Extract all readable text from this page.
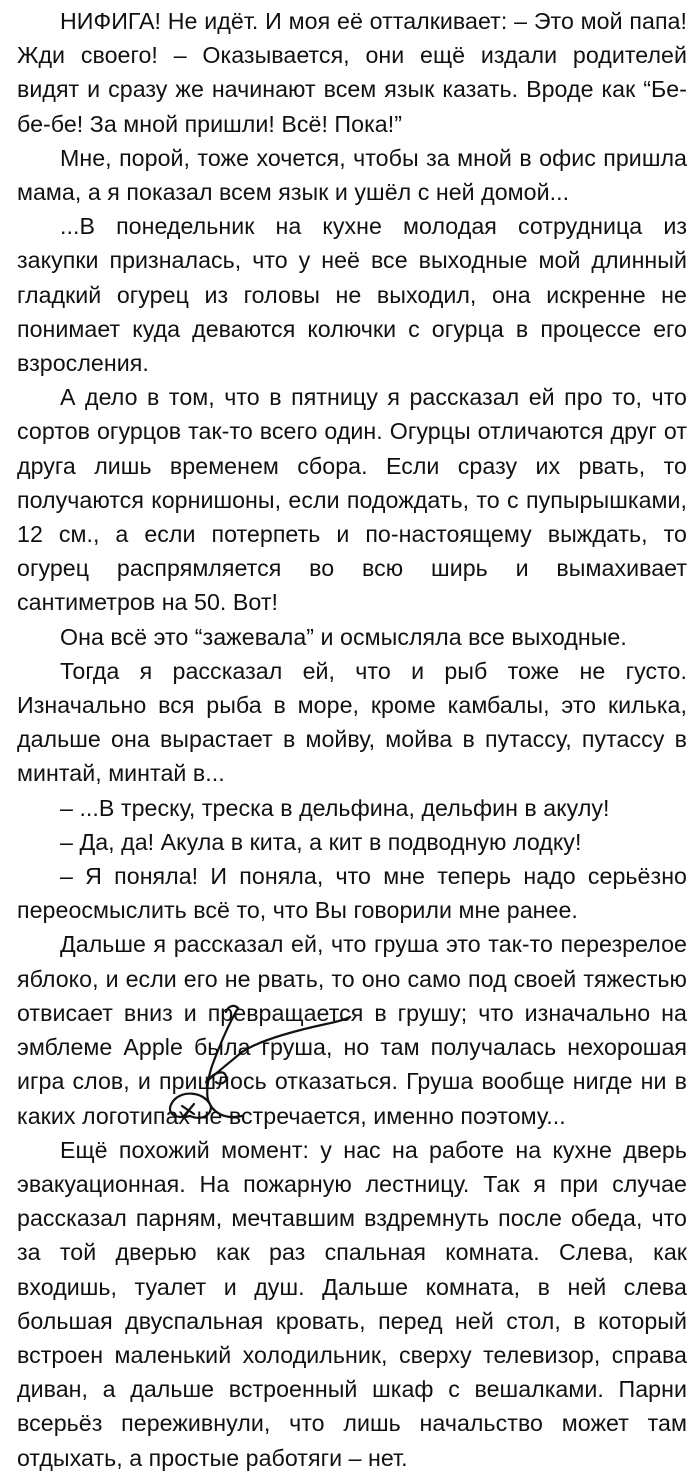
НИФИГА! Не идёт. И моя её отталкивает: – Это мой папа! Жди своего! – Оказывается, они ещё издали родителей видят и сразу же начинают всем язык казать. Вроде как “Бе-бе-бе! За мной пришли! Всё! Пока!”

Мне, порой, тоже хочется, чтобы за мной в офис пришла мама, а я показал всем язык и ушёл с ней домой...

...В понедельник на кухне молодая сотрудница из закупки призналась, что у неё все выходные мой длинный гладкий огурец из головы не выходил, она искренне не понимает куда деваются колючки с огурца в процессе его взросления.

А дело в том, что в пятницу я рассказал ей про то, что сортов огурцов так-то всего один. Огурцы отличаются друг от друга лишь временем сбора. Если сразу их рвать, то получаются корнишоны, если подождать, то с пупырышками, 12 см., а если потерпеть и по-настоящему выждать, то огурец распрямляется во всю ширь и вымахивает сантиметров на 50. Вот!

Она всё это “зажевала” и осмысляла все выходные.

Тогда я рассказал ей, что и рыб тоже не густо. Изначально вся рыба в море, кроме камбалы, это килька, дальше она вырастает в мойву, мойва в путассу, путассу в минтай, минтай в...

– ...В треску, треска в дельфина, дельфин в акулу!

– Да, да! Акула в кита, а кит в подводную лодку!

– Я поняла! И поняла, что мне теперь надо серьёзно переосмыслить всё то, что Вы говорили мне ранее.

Дальше я рассказал ей, что груша это так-то перезрелое яблоко, и если его не рвать, то оно само под своей тяжестью отвисает вниз и превращается в грушу; что изначально на эмблеме Apple была груша, но там получалась нехорошая игра слов, и пришлось отказаться. Груша вообще нигде ни в каких логотипах не встречается, именно поэтому...

Ещё похожий момент: у нас на работе на кухне дверь эвакуационная. На пожарную лестницу. Так я при случае рассказал парням, мечтавшим вздремнуть после обеда, что за той дверью как раз спальная комната. Слева, как входишь, туалет и душ. Дальше комната, в ней слева большая двуспальная кровать, перед ней стол, в который встроен маленький холодильник, сверху телевизор, справа диван, а дальше встроенный шкаф с вешалками. Парни всерьёз переживнули, что лишь начальство может там отдыхать, а простые работяги – нет.
